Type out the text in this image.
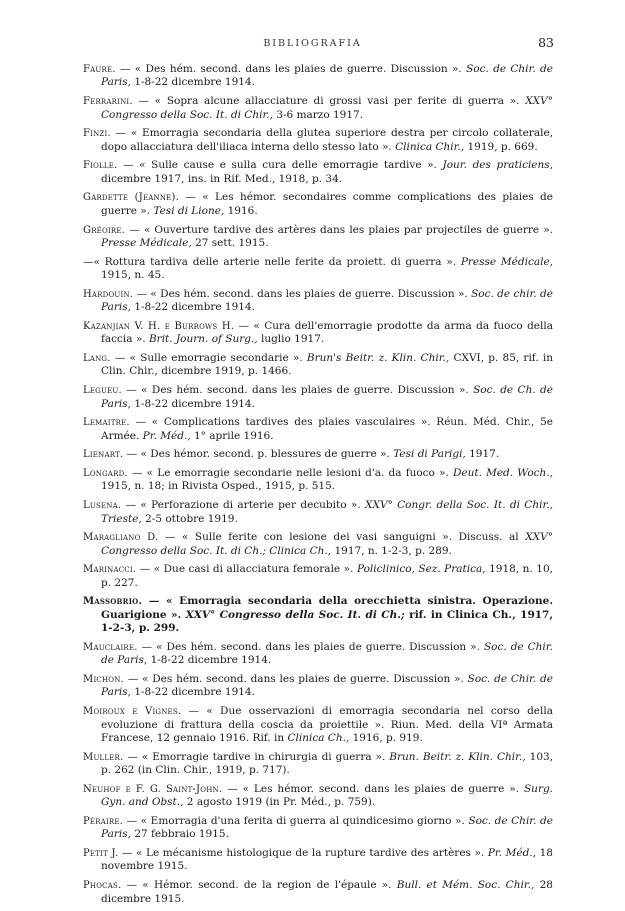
BIBLIOGRAFIA	83

Faure. — « Des hém. second. dans les plaies de guerre. Discussion ». Soc. de Chir. de Paris, 1-8-22 dicembre 1914.

Ferrarini. — « Sopra alcune allacciature di grossi vasi per ferite di guerra ». XXV° Congresso della Soc. It. di Chir., 3-6 marzo 1917.

Finzi. — « Emorragia secondaria della glutea superiore destra per circolo collaterale, dopo allacciatura dell'iliaca interna dello stesso lato ». Clinica Chir., 1919, p. 669.

Fiolle. — « Sulle cause e sulla cura delle emorragie tardive ». Jour. des praticiens, dicembre 1917, ins. in Rif. Med., 1918, p. 34.

Gardette (Jeanne). — « Les hémor. secondaires comme complications des plaies de guerre ». Tesi di Lione, 1916.

Gréoire. — « Ouverture tardive des artères dans les plaies par projectiles de guerre ». Presse Médicale, 27 sett. 1915.

—« Rottura tardiva delle arterie nelle ferite da proiett. di guerra ». Presse Médicale, 1915, n. 45.

Hardouin. — « Des hém. second. dans les plaies de guerre. Discussion ». Soc. de chir. de Paris, 1-8-22 dicembre 1914.

Kazanjian V. H. e Burrows H. — « Cura dell'emorragie prodotte da arma da fuoco della faccia ». Brit. Journ. of Surg., luglio 1917.

Lang. — « Sulle emorragie secondarie ». Brun's Beitr. z. Klin. Chir., CXVI, p. 85, rif. in Clin. Chir., dicembre 1919, p. 1466.

Legueu. — « Des hém. second. dans les plaies de guerre. Discussion ». Soc. de Ch. de Paris, 1-8-22 dicembre 1914.

Lemaitre. — « Complications tardives des plaies vasculaires ». Réun. Méd. Chir., 5e Armée. Pr. Méd., 1° aprile 1916.

Lienart. — « Des hémor. second. p. blessures de guerre ». Tesi di Parigi, 1917.

Longard. — « Le emorragie secondarie nelle lesioni d'a. da fuoco ». Deut. Med. Woch., 1915, n. 18; in Rivista Osped., 1915, p. 515.

Lusena. — « Perforazione di arterie per decubito ». XXV° Congr. della Soc. It. di Chir., Trieste, 2-5 ottobre 1919.

Maragliano D. — « Sulle ferite con lesione dei vasi sanguigni ». Discuss. al XXV° Congresso della Soc. It. di Ch.; Clinica Ch., 1917, n. 1-2-3, p. 289.

Marinacci. — « Due casi di allacciatura femorale ». Policlinico, Sez. Pratica, 1918, n. 10, p. 227.

Massobrio. — « Emorragia secondaria della orecchietta sinistra. Operazione. Guarigione ». XXV° Congresso della Soc. It. di Ch.; rif. in Clinica Ch., 1917, 1-2-3, p. 299.

Mauclaire. — « Des hém. second. dans les plaies de guerre. Discussion ». Soc. de Chir. de Paris, 1-8-22 dicembre 1914.

Michon. — « Des hém. second. dans les plaies de guerre. Discussion ». Soc. de Chir. de Paris, 1-8-22 dicembre 1914.

Moiroux e Vignes. — « Due osservazioni di emorragia secondaria nel corso della evoluzione di frattura della coscia da proiettile ». Riun. Med. della VIª Armata Francese, 12 gennaio 1916. Rif. in Clinica Ch., 1916, p. 919.

Muller. — « Emorragie tardive in chirurgia di guerra ». Brun. Beitr. z. Klin. Chir., 103, p. 262 (in Clin. Chir., 1919, p. 717).

Neuhof e F. G. Saint-John. — « Les hémor. second. dans les plaies de guerre ». Surg. Gyn. and Obst., 2 agosto 1919 (in Pr. Méd., p. 759).

Péraire. — « Emorragia d'una ferita di guerra al quindicesimo giorno ». Soc. de Chir. de Paris, 27 febbraio 1915.

Petit J. — « Le mécanisme histologique de la rupture tardive des artères ». Pr. Méd., 18 novembre 1915.

Phocas. — « Hémor. second. de la region de l'épaule ». Bull. et Mém. Soc. Chir., 28 dicembre 1915.
